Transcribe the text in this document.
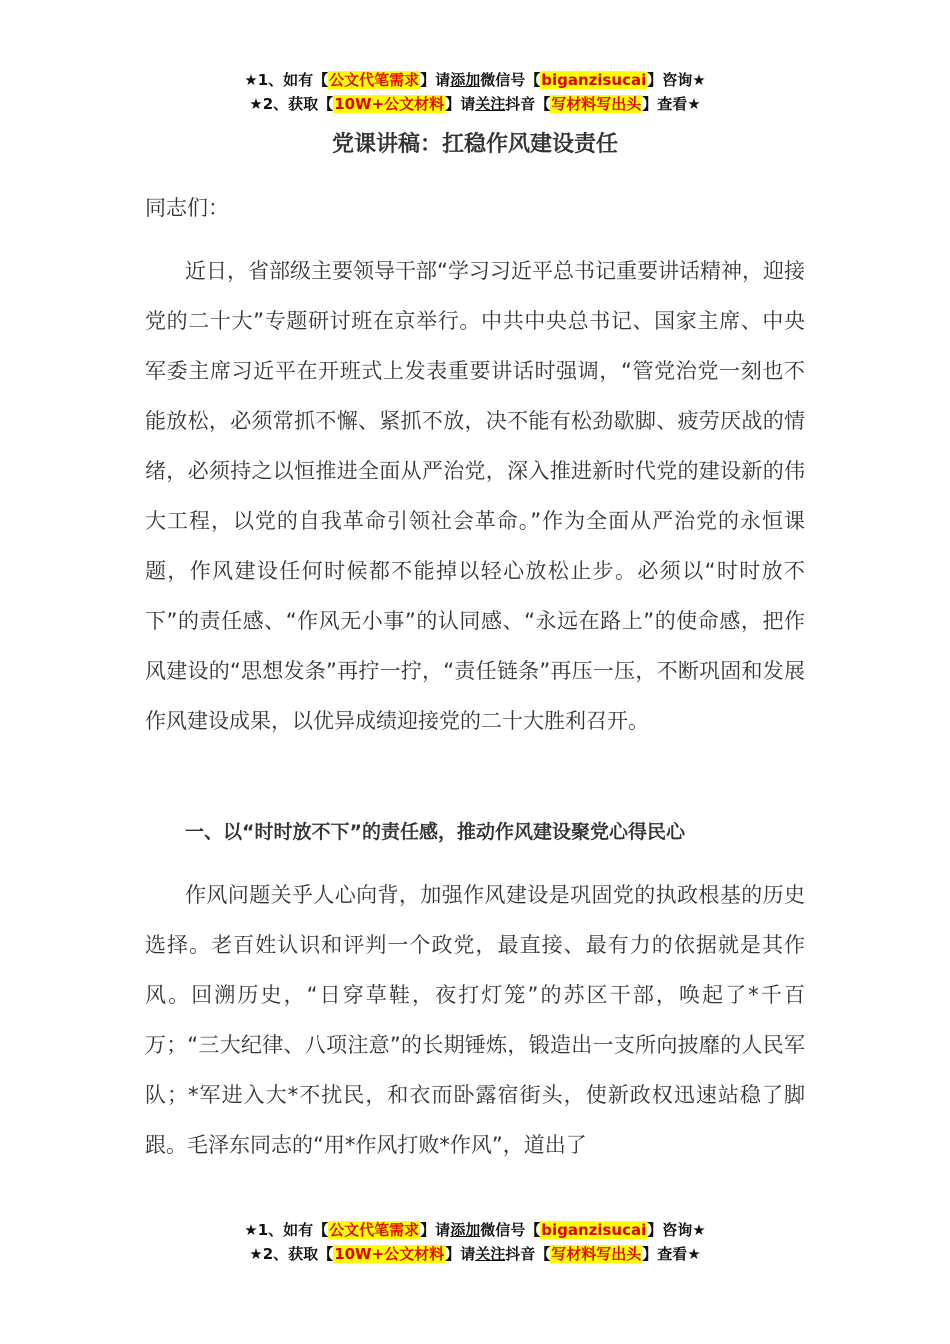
★1、如有【公文代笔需求】请添加微信号【biganzisucai】咨询★
★2、获取【10W+公文材料】请关注抖音【写材料写出头】查看★
党课讲稿：扛稳作风建设责任
同志们：

近日，省部级主要领导干部“学习习近平总书记重要讲话精神，迎接党的二十大”专题研讨班在京举行。中共中央总书记、国家主席、中央军委主席习近平在开班式上发表重要讲话时强调，“管党治党一刻也不能放松，必须常抓不懈、紧抓不放，决不能有松劲歇脚、疲劳厌战的情绪，必须持之以恒推进全面从严治党，深入推进新时代党的建设新的伟大工程，以党的自我革命引领社会革命。”作为全面从严治党的永恒课题，作风建设任何时候都不能掉以轻心放松止步。必须以“时时放不下”的责任感、“作风无小事”的认同感、“永远在路上”的使命感，把作风建设的“思想发条”再拧一拧，“责任链条”再压一压，不断巩固和发展作风建设成果，以优异成绩迎接党的二十大胜利召开。

一、以“时时放不下”的责任感，推动作风建设聚党心得民心

作风问题关乎人心向背，加强作风建设是巩固党的执政根基的历史选择。老百姓认识和评判一个政党，最直接、最有力的依据就是其作风。回溯历史，“日穿草鞋，夜打灯笼”的苏区干部，唤起了*千百万；“三大纪律、八项注意”的长期锤炼，锻造出一支所向披靡的人民军队；*军进入大*不扰民，和衣而卧露宿街头，使新政权迅速站稳了脚跟。毛泽东同志的“用*作风打败*作风”，道出了

★1、如有【公文代笔需求】请添加微信号【biganzisucai】咨询★
★2、获取【10W+公文材料】请关注抖音【写材料写出头】查看★
